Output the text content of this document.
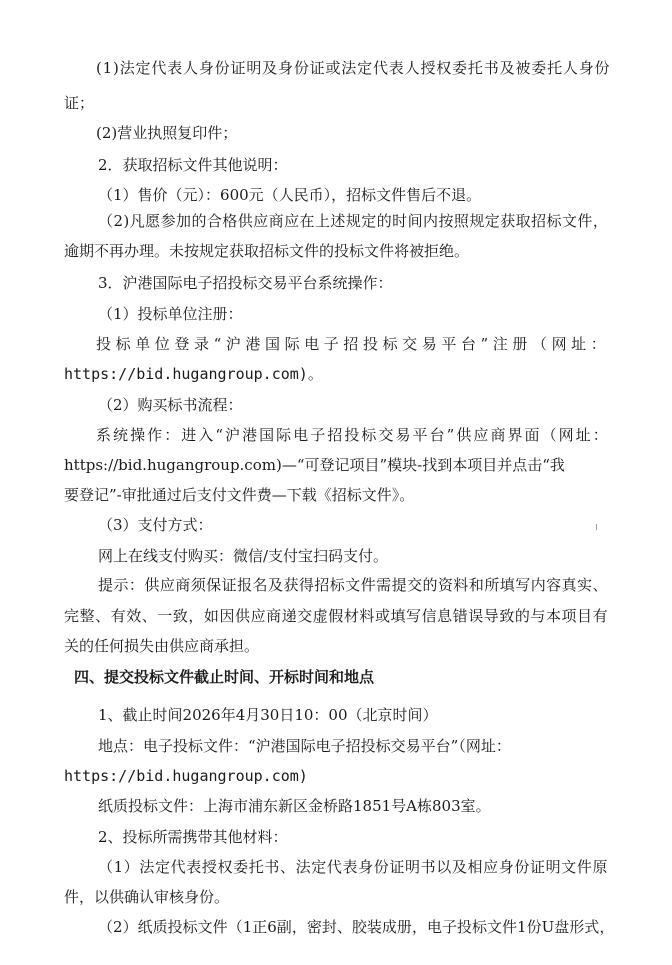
( 1 ) 法 定 代 表 人 身 份 证 明 及 身 份 证 或 法 定 代 表 人 授 权 委 托 书 及 被 委 托 人 身 份
证；
(2)营业执照复印件；
2．获取招标文件其他说明：
（1）售价（元）：600元（人民币），招标文件售后不退。
（ 2 ) 凡 愿 参 加 的 合 格 供 应 商 应 在 上 述 规 定 的 时 间 内 按 照 规 定 获 取 招 标 文 件 ，
逾期不再办理。未按规定获取招标文件的投标文件将被拒绝。
3．沪港国际电子招投标交易平台系统操作：
（1）投标单位注册：
投 标 单 位 登 录 “ 沪 港 国 际 电 子 招 投 标 交 易 平 台 ” 注 册 （ 网 址 ：
https://bid.hugangroup.com)。
（2）购买标书流程：
系 统 操 作 ： 进 入 “ 沪 港 国 际 电 子 招 投 标 交 易 平 台 ” 供 应 商 界 面 （ 网 址 ：
https://bid.hugangroup.com)—“可登记项目”模块-找到本项目并点击“我
要登记”-审批通过后支付文件费—下载《招标文件》。
（3）支付方式：
网上在线支付购买：微信/支付宝扫码支付。
提 示 ： 供 应 商 须 保 证 报 名 及 获 得 招 标 文 件 需 提 交 的 资 料 和 所 填 写 内 容 真 实 、
完 整 、 有 效 、 一 致 ， 如 因 供 应 商 递 交 虚 假 材 料 或 填 写 信 息 错 误 导 致 的 与 本 项 目 有
关的任何损失由供应商承担。
四、提交投标文件截止时间、开标时间和地点
1、截止时间2026年4月30日10：00（北京时间）
地点：电子投标文件：“沪港国际电子招投标交易平台”（网址：
https://bid.hugangroup.com)
纸质投标文件：上海市浦东新区金桥路1851号A栋803室。
2、投标所需携带其他材料：
（ 1 ） 法 定 代 表 授 权 委 托 书 、 法 定 代 表 身 份 证 明 书 以 及 相 应 身 份 证 明 文 件 原
件，以供确认审核身份。
（ 2 ） 纸 质 投 标 文 件 （ 1 正 6 副 ， 密 封 、 胶 装 成 册 ， 电 子 投 标 文 件 1 份 U 盘 形 式 ，
